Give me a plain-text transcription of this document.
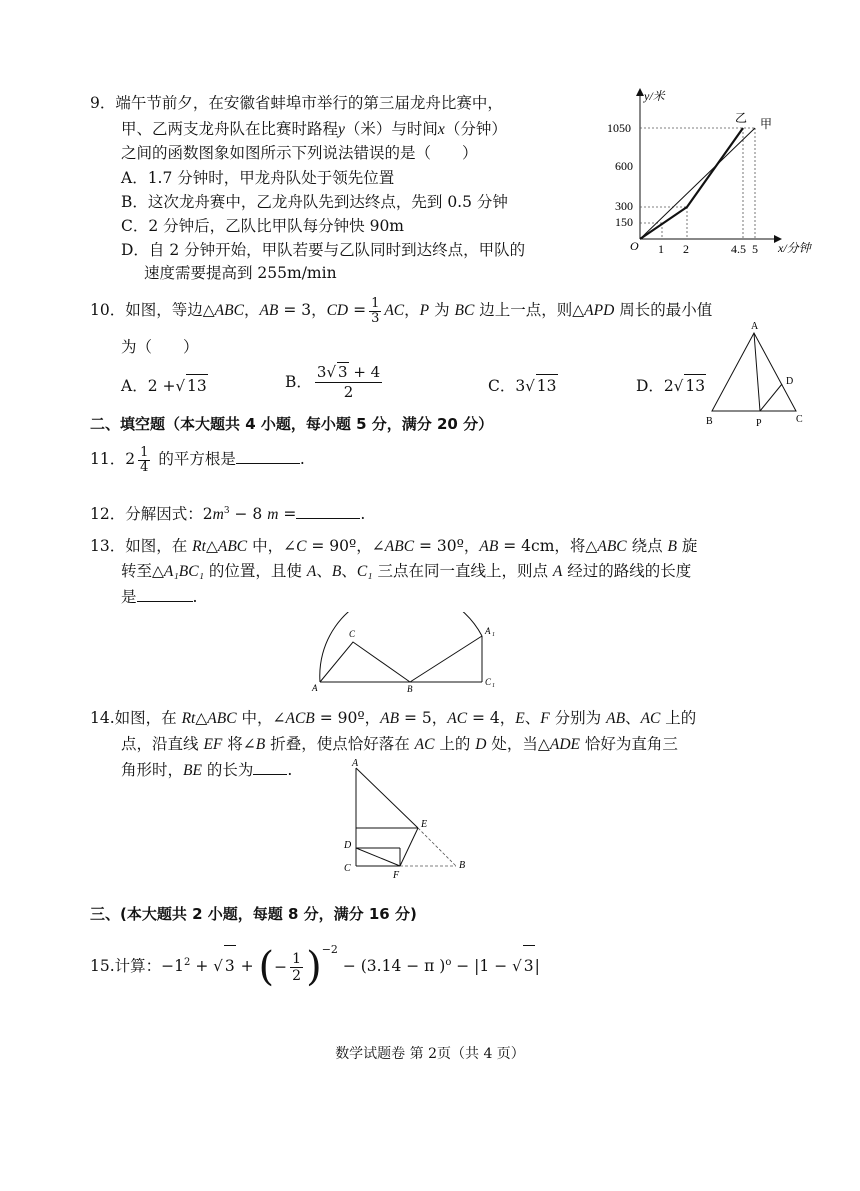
9．端午节前夕，在安徽省蚌埠市举行的第三届龙舟比赛中，
甲、乙两支龙舟队在比赛时路程y（米）与时间x（分钟）
之间的函数图象如图所示下列说法错误的是（　　）
A．1.7 分钟时，甲龙舟队处于领先位置
B．这次龙舟赛中，乙龙舟队先到达终点，先到 0.5 分钟
C．2 分钟后，乙队比甲队每分钟快 90m
D．自 2 分钟开始，甲队若要与乙队同时到达终点，甲队的
速度需要提高到 255m/min
y/米
x/分钟
O
1050
600
300
150
1 2	4.5 5
乙 甲
10．如图，等边△ABC，AB = 3，CD = $\frac{1}{3}$ AC，P 为 BC 边上一点，则△APD 周长的最小值
为（　　）
A．2 +√ 13	B． $\frac{3√ 3 + 4}{2}$	C．3√ 13	D．2√ 13
A
B	C
D
P
二、填空题（本大题共 4 小题，每小题 5 分，满分 20 分）
11．$2 \frac{1}{4}$ 的平方根是	.
12．分解因式：$2m^3 - 8$ m =	.
13．如图，在 Rt△ABC 中，∠C = 90º，∠ABC = 30º，AB = 4cm，将△ABC 绕点 B 旋
转至△A₁BC₁ 的位置，且使 A、B、C₁ 三点在同一直线上，则点 A 经过的路线的长度
是	.
A	B
C	A 1
C 1
14.如图，在 Rt△ABC 中，∠ACB = 90º，AB = 5，AC = 4，E、F 分别为 AB、AC 上的
点，沿直线 EF 将∠B 折叠，使点恰好落在 AC 上的 D 处，当△ADE 恰好为直角三
角形时，BE 的长为 .	A
B
C
D
E
F
三、(本大题共 2 小题，每题 8 分，满分 16 分)
15.计算：$-1^2$ + √ 3 + (− $\frac{1}{2} )^{-2} - (3.14 - \pi$ )$^o$ − |1 − √ 3|
数学试题卷 第 2页（共 4 页）
